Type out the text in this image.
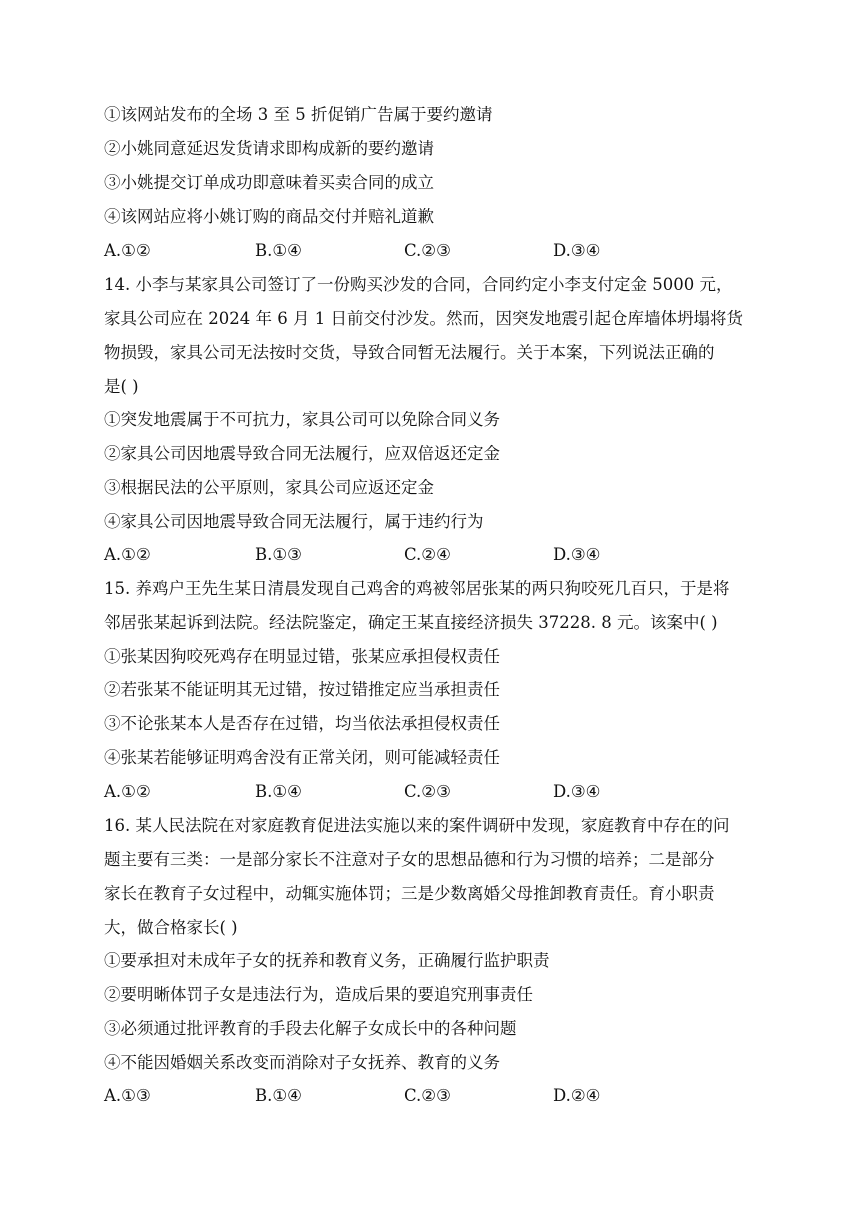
①该网站发布的全场 3 至 5 折促销广告属于要约邀请
②小姚同意延迟发货请求即构成新的要约邀请
③小姚提交订单成功即意味着买卖合同的成立
④该网站应将小姚订购的商品交付并赔礼道歉
A.①②	B.①④	C.②③	D.③④
14. 小李与某家具公司签订了一份购买沙发的合同，合同约定小李支付定金 5000 元，
家具公司应在 2024 年 6 月 1 日前交付沙发。然而，因突发地震引起仓库墙体坍塌将货
物损毁，家具公司无法按时交货，导致合同暂无法履行。关于本案，下列说法正确的
是( )
①突发地震属于不可抗力，家具公司可以免除合同义务
②家具公司因地震导致合同无法履行，应双倍返还定金
③根据民法的公平原则，家具公司应返还定金
④家具公司因地震导致合同无法履行，属于违约行为
A.①②	B.①③	C.②④	D.③④
15. 养鸡户王先生某日清晨发现自己鸡舍的鸡被邻居张某的两只狗咬死几百只，于是将
邻居张某起诉到法院。经法院鉴定，确定王某直接经济损失 37228. 8 元。该案中( )
①张某因狗咬死鸡存在明显过错，张某应承担侵权责任
②若张某不能证明其无过错，按过错推定应当承担责任
③不论张某本人是否存在过错，均当依法承担侵权责任
④张某若能够证明鸡舍没有正常关闭，则可能减轻责任
A.①②	B.①④	C.②③	D.③④
16. 某人民法院在对家庭教育促进法实施以来的案件调研中发现，家庭教育中存在的问
题主要有三类：一是部分家长不注意对子女的思想品德和行为习惯的培养；二是部分
家长在教育子女过程中，动辄实施体罚；三是少数离婚父母推卸教育责任。育小职责
大，做合格家长( )
①要承担对未成年子女的抚养和教育义务，正确履行监护职责
②要明晰体罚子女是违法行为，造成后果的要追究刑事责任
③必须通过批评教育的手段去化解子女成长中的各种问题
④不能因婚姻关系改变而消除对子女抚养、教育的义务
A.①③	B.①④	C.②③	D.②④
